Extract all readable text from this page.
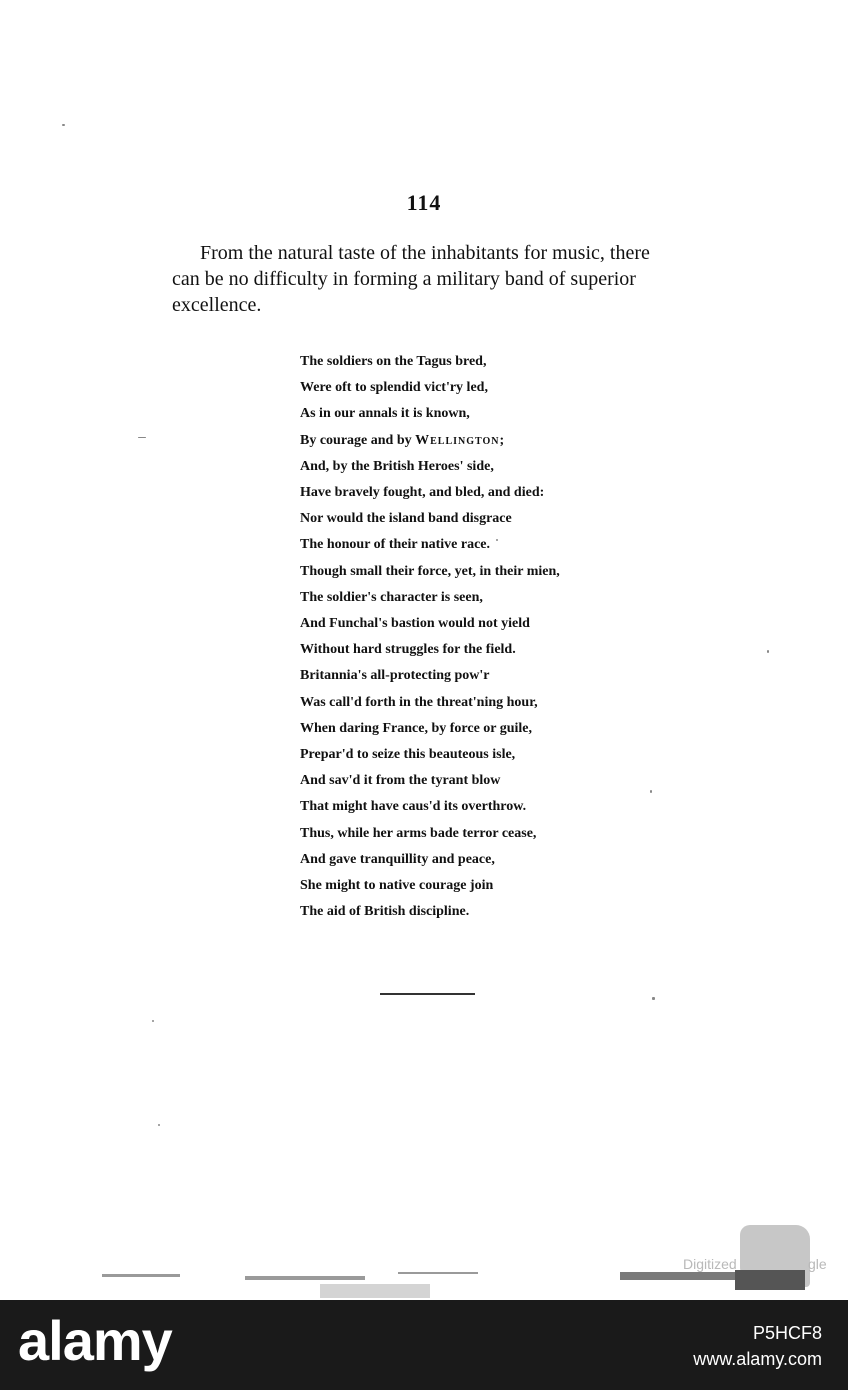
114
From the natural taste of the inhabitants for music, there
can be no difficulty in forming a military band of superior
excellence.
The soldiers on the Tagus bred,
Were oft to splendid vict'ry led,
As in our annals it is known,
By courage and by Wellington;
And, by the British Heroes' side,
Have bravely fought, and bled, and died:
Nor would the island band disgrace
The honour of their native race.
Though small their force, yet, in their mien,
The soldier's character is seen,
And Funchal's bastion would not yield
Without hard struggles for the field.
Britannia's all-protecting pow'r
Was call'd forth in the threat'ning hour,
When daring France, by force or guile,
Prepar'd to seize this beauteous isle,
And sav'd it from the tyrant blow
That might have caus'd its overthrow.
Thus, while her arms bade terror cease,
And gave tranquillity and peace,
She might to native courage join
The aid of British discipline.
Digitized	gle
alamy	P5HCF8
www.alamy.com
